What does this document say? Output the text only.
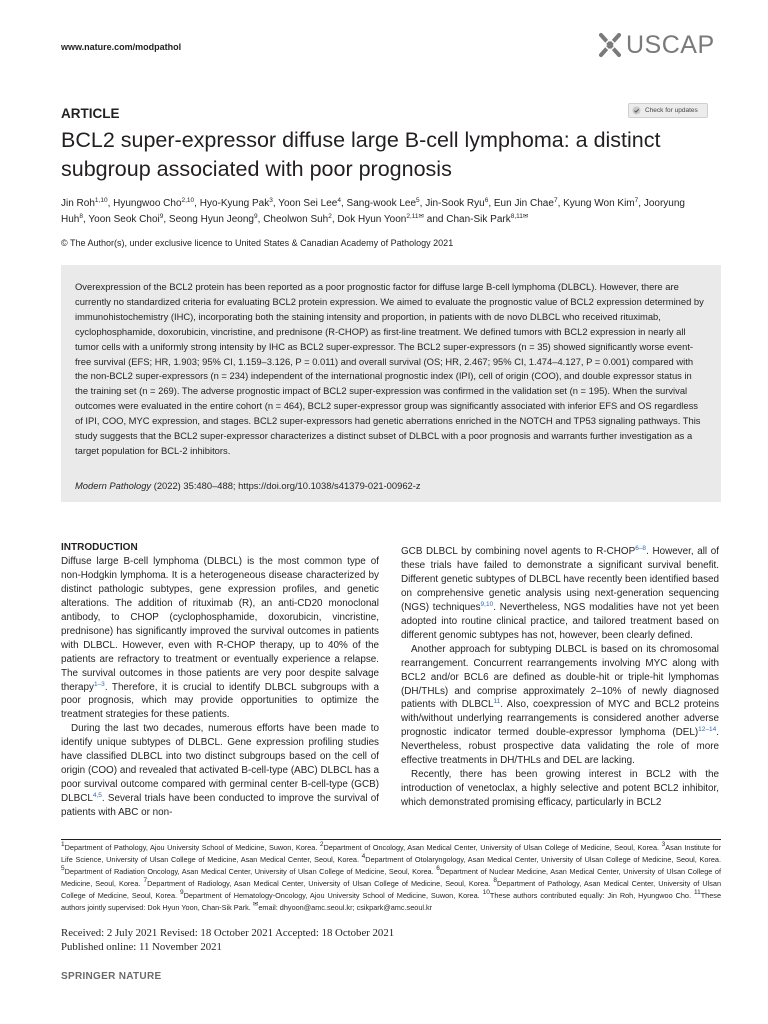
www.nature.com/modpathol	USCAP
ARTICLE	Check for updates
BCL2 super-expressor diffuse large B-cell lymphoma: a distinct subgroup associated with poor prognosis
Jin Roh$^{1,10}$, Hyungwoo Cho$^{2,10}$, Hyo-Kyung Pak$^3$, Yoon Sei Lee$^4$, Sang-wook Lee$^5$, Jin-Sook Ryu$^6$, Eun Jin Chae$^7$, Kyung Won Kim$^7$, Jooryung Huh$^8$, Yoon Seok Choi$^9$, Seong Hyun Jeong$^9$, Cheolwon Suh$^2$, Dok Hyun Yoon$^{2,11✉}$ and Chan-Sik Park$^{8,11✉}$
© The Author(s), under exclusive licence to United States & Canadian Academy of Pathology 2021

Overexpression of the BCL2 protein has been reported as a poor prognostic factor for diffuse large B-cell lymphoma (DLBCL). However, there are currently no standardized criteria for evaluating BCL2 protein expression. We aimed to evaluate the prognostic value of BCL2 expression determined by immunohistochemistry (IHC), incorporating both the staining intensity and proportion, in patients with de novo DLBCL who received rituximab, cyclophosphamide, doxorubicin, vincristine, and prednisone (R-CHOP) as first-line treatment. We defined tumors with BCL2 expression in nearly all tumor cells with a uniformly strong intensity by IHC as BCL2 super-expressor. The BCL2 super-expressors (n = 35) showed significantly worse event-free survival (EFS; HR, 1.903; 95% CI, 1.159–3.126, P = 0.011) and overall survival (OS; HR, 2.467; 95% CI, 1.474–4.127, P = 0.001) compared with the non-BCL2 super-expressors (n = 234) independent of the international prognostic index (IPI), cell of origin (COO), and double expressor status in the training set (n = 269). The adverse prognostic impact of BCL2 super-expression was confirmed in the validation set (n = 195). When the survival outcomes were evaluated in the entire cohort (n = 464), BCL2 super-expressor group was significantly associated with inferior EFS and OS regardless of IPI, COO, MYC expression, and stages. BCL2 super-expressors had genetic aberrations enriched in the NOTCH and TP53 signaling pathways. This study suggests that the BCL2 super-expressor characterizes a distinct subset of DLBCL with a poor prognosis and warrants further investigation as a target population for BCL-2 inhibitors.

Modern Pathology (2022) 35:480–488; https://doi.org/10.1038/s41379-021-00962-z
INTRODUCTION

Diffuse large B-cell lymphoma (DLBCL) is the most common type of non-Hodgkin lymphoma. It is a heterogeneous disease characterized by distinct pathologic subtypes, gene expression profiles, and genetic alterations. The addition of rituximab (R), an anti-CD20 monoclonal antibody, to CHOP (cyclophosphamide, doxorubicin, vincristine, prednisone) has significantly improved the survival outcomes in patients with DLBCL. However, even with R-CHOP therapy, up to 40% of the patients are refractory to treatment or eventually experience a relapse. The survival outcomes in those patients are very poor despite salvage therapy$^{1-3}$. Therefore, it is crucial to identify DLBCL subgroups with a poor prognosis, which may provide opportunities to optimize the treatment strategies for these patients.

During the last two decades, numerous efforts have been made to identify unique subtypes of DLBCL. Gene expression profiling studies have classified DLBCL into two distinct subgroups based on the cell of origin (COO) and revealed that activated B-cell-type (ABC) DLBCL has a poor survival outcome compared with germinal center B-cell-type (GCB) DLBCL$^{4,5}$. Several trials have been conducted to improve the survival of patients with ABC or non-

GCB DLBCL by combining novel agents to R-CHOP$^{6-8}$. However, all of these trials have failed to demonstrate a significant survival benefit. Different genetic subtypes of DLBCL have recently been identified based on comprehensive genetic analysis using next-generation sequencing (NGS) techniques$^{9,10}$. Nevertheless, NGS modalities have not yet been adopted into routine clinical practice, and tailored treatment based on different genomic subtypes has not, however, been clearly defined.

Another approach for subtyping DLBCL is based on its chromosomal rearrangement. Concurrent rearrangements involving MYC along with BCL2 and/or BCL6 are defined as double-hit or triple-hit lymphomas (DH/THLs) and comprise approximately 2–10% of newly diagnosed patients with DLBCL$^{11}$. Also, coexpression of MYC and BCL2 proteins with/without underlying rearrangements is considered another adverse prognostic indicator termed double-expressor lymphoma (DEL)$^{12-14}$. Nevertheless, robust prospective data validating the role of more effective treatments in DH/THLs and DEL are lacking.

Recently, there has been growing interest in BCL2 with the introduction of venetoclax, a highly selective and potent BCL2 inhibitor, which demonstrated promising efficacy, particularly in BCL2

$^1$Department of Pathology, Ajou University School of Medicine, Suwon, Korea. $^2$Department of Oncology, Asan Medical Center, University of Ulsan College of Medicine, Seoul, Korea. $^3$Asan Institute for Life Science, University of Ulsan College of Medicine, Asan Medical Center, Seoul, Korea. $^4$Department of Otolaryngology, Asan Medical Center, University of Ulsan College of Medicine, Seoul, Korea. $^5$Department of Radiation Oncology, Asan Medical Center, University of Ulsan College of Medicine, Seoul, Korea. $^6$Department of Nuclear Medicine, Asan Medical Center, University of Ulsan College of Medicine, Seoul, Korea. $^7$Department of Radiology, Asan Medical Center, University of Ulsan College of Medicine, Seoul, Korea. $^8$Department of Pathology, Asan Medical Center, University of Ulsan College of Medicine, Seoul, Korea. $^9$Department of Hematology-Oncology, Ajou University School of Medicine, Suwon, Korea. $^{10}$These authors contributed equally: Jin Roh, Hyungwoo Cho. $^{11}$These authors jointly supervised: Dok Hyun Yoon, Chan-Sik Park. ✉email: dhyoon@amc.seoul.kr; csikpark@amc.seoul.kr
Received: 2 July 2021 Revised: 18 October 2021 Accepted: 18 October 2021
Published online: 11 November 2021
SPRINGER NATURE
